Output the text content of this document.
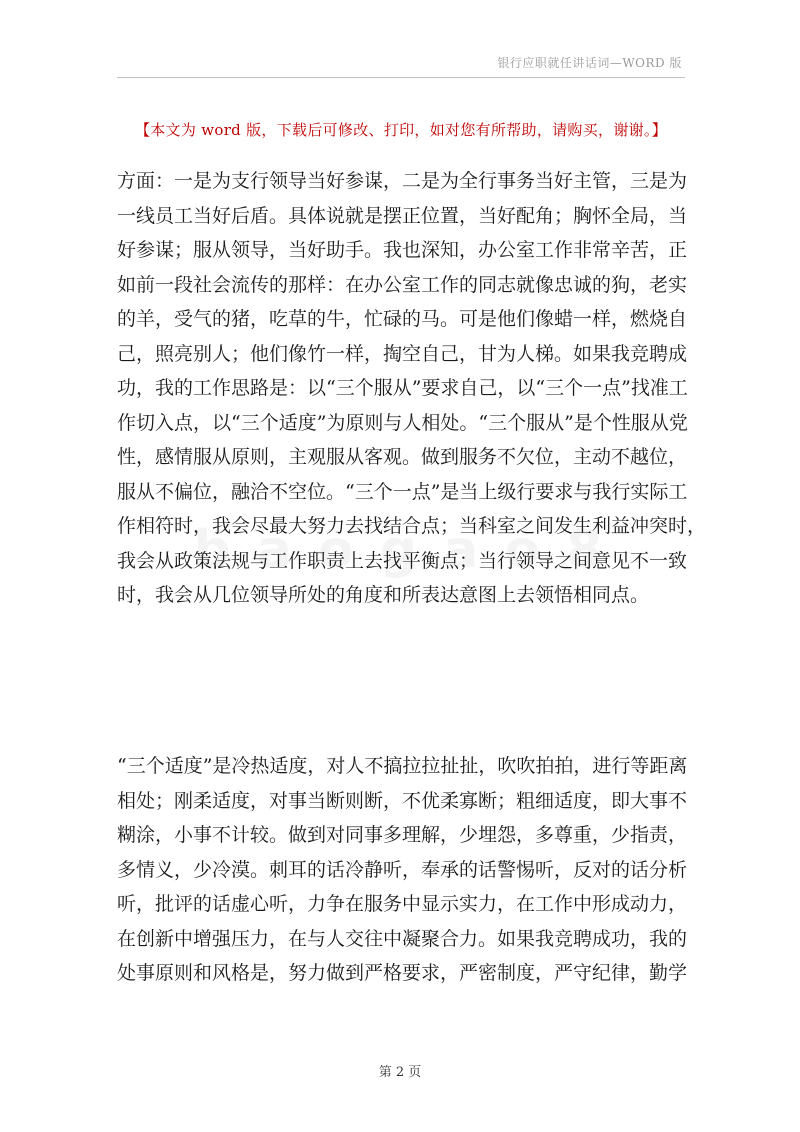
银行应职就任讲话词—WORD 版
【本文为 word 版，下载后可修改、打印，如对您有所帮助，请购买，谢谢。】
方面：一是为支行领导当好参谋，二是为全行事务当好主管，三是为
一线员工当好后盾。具体说就是摆正位置，当好配角；胸怀全局，当
好参谋；服从领导，当好助手。我也深知，办公室工作非常辛苦，正
如前一段社会流传的那样：在办公室工作的同志就像忠诚的狗，老实
的羊，受气的猪，吃草的牛，忙碌的马。可是他们像蜡一样，燃烧自
己，照亮别人；他们像竹一样，掏空自己，甘为人梯。如果我竞聘成
功，我的工作思路是：以“三个服从”要求自己，以“三个一点”找准工
作切入点，以“三个适度”为原则与人相处。“三个服从”是个性服从党
性，感情服从原则，主观服从客观。做到服务不欠位，主动不越位，
服从不偏位，融洽不空位。“三个一点”是当上级行要求与我行实际工
作相符时，我会尽最大努力去找结合点；当科室之间发生利益冲突时，
我会从政策法规与工作职责上去找平衡点；当行领导之间意见不一致
时，我会从几位领导所处的角度和所表达意图上去领悟相同点。
“三个适度”是冷热适度，对人不搞拉拉扯扯，吹吹拍拍，进行等距离
相处；刚柔适度，对事当断则断，不优柔寡断；粗细适度，即大事不
糊涂，小事不计较。做到对同事多理解，少埋怨，多尊重，少指责，
多情义，少冷漠。刺耳的话冷静听，奉承的话警惕听，反对的话分析
听，批评的话虚心听，力争在服务中显示实力，在工作中形成动力，
在创新中增强压力，在与人交往中凝聚合力。如果我竞聘成功，我的
处事原则和风格是，努力做到严格要求，严密制度，严守纪律，勤学
第 2 页
